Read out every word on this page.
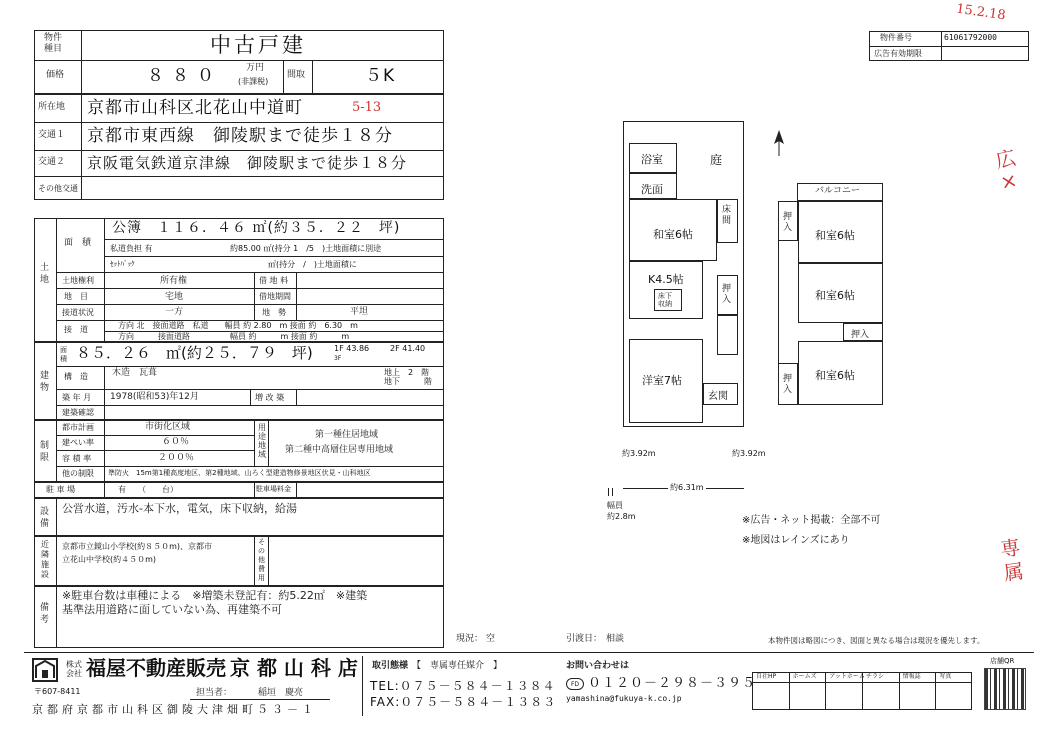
物件
種目	中古戸建
価格	８８０	万円
(非課税)
間取	５K
所在地 京都市山科区北花山中道町	5-13
交通１ 京都市東西線　御陵駅まで徒歩１８分
交通２ 京阪電気鉄道京津線　御陵駅まで徒歩１８分
その他交通
土地
面　積
公簿　１１６．４６ ㎡(約３５．２２　坪)
私道負担 有	約85.00 ㎡(持分 1　/5　)土地面積に別途
ｾｯﾄﾊﾞｯｸ	㎡(持分　/　)土地面積に
土地権利	所有権	借 地 料
地　目	宅地	借地期間
接道状況	一方	地　勢	平坦
接　道	方向 北　接面道路　私道　　幅員 約 2.80　m 接面 約　6.30　m
方向　　　接面道路　　　　　幅員 約　　　m 接面 約　　　m
建物
面積 ８５．２６　㎡(約２５．７９　坪)	1F 43.86	2F 41.40
3F
構　造	木造　瓦葺	地上　2　階
地下　　　階
築 年 月 1978(昭和53)年12月	増 改 築
建築確認
制限
都市計画	市街化区域
建ぺい率	６０％
容 積 率	２００％
用途地域
第一種住居地域
第二種中高層住居専用地域
他の制限 準防火　15m第1種高度地区、第2種地域、山ろく型建造物修景地区伏見・山科地区
駐 車 場	有　　（　　台）	駐車場料金
設備
公営水道，汚水-本下水，電気，床下収納，給湯
近隣施設
京都市立鏡山小学校(約８５０m)、京都市
立花山中学校(約４５０m)
その他費用
備考
※駐車台数は車種による　※増築未登記有：約5.22㎡　※建築
基準法用道路に面していない為、再建築不可
15.2.18
物件番号	61061792000
広告有効期限
広×
専属
庭
浴室
洗面
和室6帖
床間
K4.5帖
床下収納
押入
洋室7帖
玄関
約3.92m	約3.92m
約6.31m
幅員
約2.8m
バルコニー
和室6帖
押入
和室6帖
押入
和室6帖
押入
※広告・ネット掲載：全部不可
※地図はレインズにあり
現況： 空	引渡日： 相談	本物件図は略図につき、図面と異なる場合は現況を優先します。
株式会社 福屋不動産販売 京 都 山 科 店
〒607-8411	担当者：	稲垣　慶亮
京都府京都市山科区御陵大津畑町５３－１
取引態様 【　専属専任媒介　】
TEL:０７５－５８４－１３８４
FAX:０７５－５８４－１３８３
お問い合わせは
０１２０－２９８－３９５
FD
yamashina@fukuya-k.co.jp
自社HP	ホームズ アットホーム チラシ	情報誌	写真
店舗QR
